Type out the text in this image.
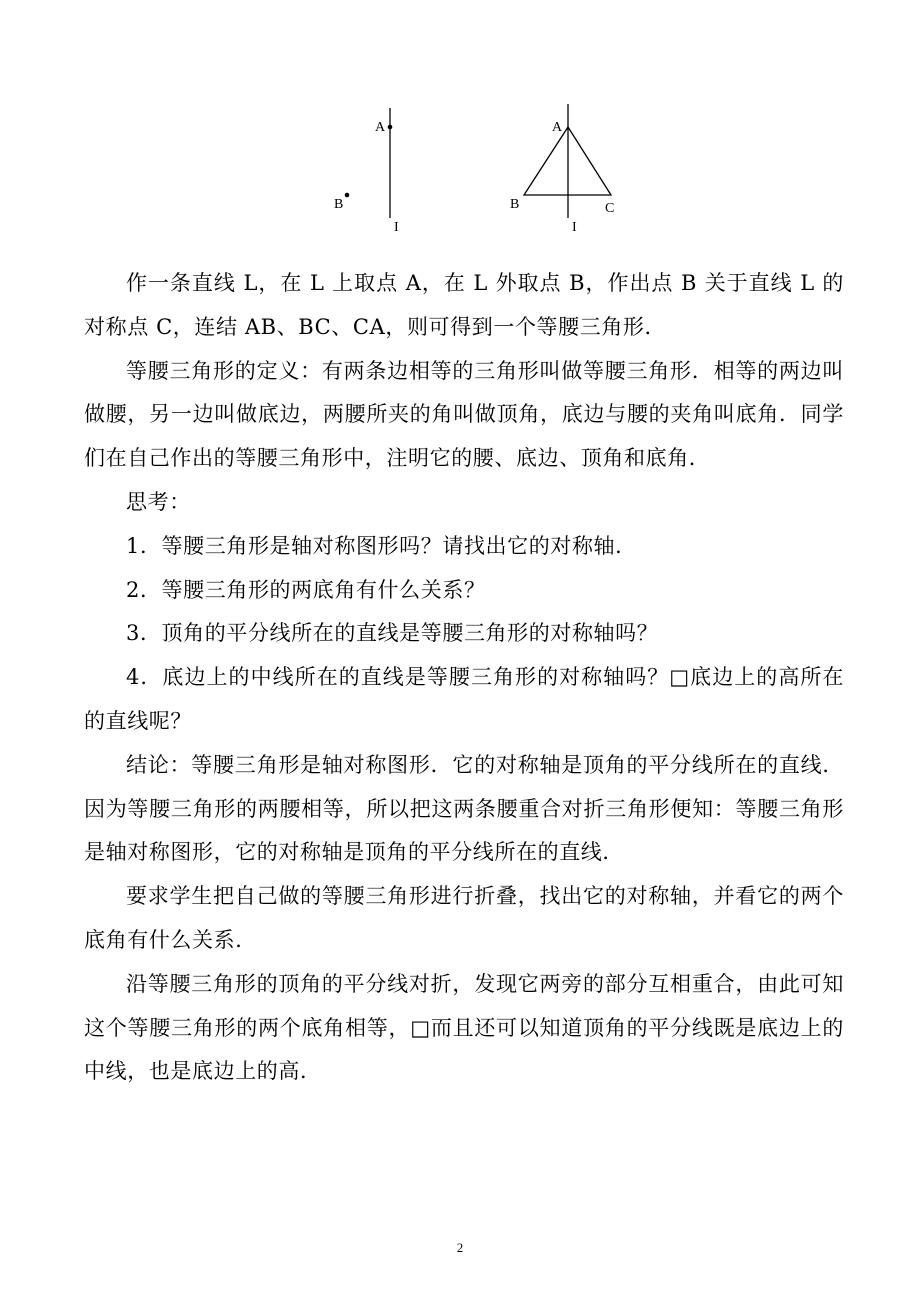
A
B
I
A
B	C
I

作一条直线 L，在 L 上取点 A，在 L 外取点 B，作出点 B 关于直线 L 的对称点 C，连结 AB、BC、CA，则可得到一个等腰三角形．

等腰三角形的定义：有两条边相等的三角形叫做等腰三角形．相等的两边叫做腰，另一边叫做底边，两腰所夹的角叫做顶角，底边与腰的夹角叫底角．同学们在自己作出的等腰三角形中，注明它的腰、底边、顶角和底角．

思考：

1．等腰三角形是轴对称图形吗？请找出它的对称轴．

2．等腰三角形的两底角有什么关系？

3．顶角的平分线所在的直线是等腰三角形的对称轴吗？

4．底边上的中线所在的直线是等腰三角形的对称轴吗？□底边上的高所在的直线呢？

结论：等腰三角形是轴对称图形．它的对称轴是顶角的平分线所在的直线．因为等腰三角形的两腰相等，所以把这两条腰重合对折三角形便知：等腰三角形是轴对称图形，它的对称轴是顶角的平分线所在的直线．

要求学生把自己做的等腰三角形进行折叠，找出它的对称轴，并看它的两个底角有什么关系．

沿等腰三角形的顶角的平分线对折，发现它两旁的部分互相重合，由此可知这个等腰三角形的两个底角相等，□而且还可以知道顶角的平分线既是底边上的中线，也是底边上的高．

2
